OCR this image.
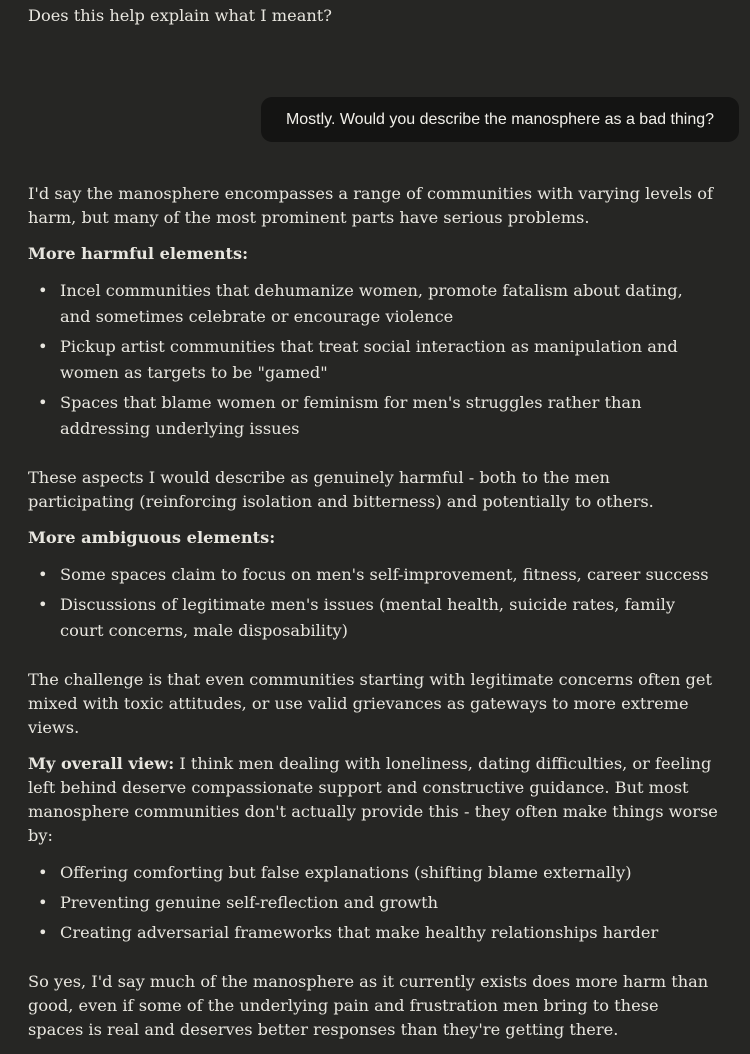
Does this help explain what I meant?

Mostly. Would you describe the manosphere as a bad thing?

I'd say the manosphere encompasses a range of communities with varying levels of harm, but many of the most prominent parts have serious problems.

More harmful elements:

• Incel communities that dehumanize women, promote fatalism about dating, and sometimes celebrate or encourage violence
• Pickup artist communities that treat social interaction as manipulation and women as targets to be "gamed"
• Spaces that blame women or feminism for men's struggles rather than addressing underlying issues

These aspects I would describe as genuinely harmful - both to the men participating (reinforcing isolation and bitterness) and potentially to others.

More ambiguous elements:

• Some spaces claim to focus on men's self-improvement, fitness, career success
• Discussions of legitimate men's issues (mental health, suicide rates, family court concerns, male disposability)

The challenge is that even communities starting with legitimate concerns often get mixed with toxic attitudes, or use valid grievances as gateways to more extreme views.

My overall view: I think men dealing with loneliness, dating difficulties, or feeling left behind deserve compassionate support and constructive guidance. But most manosphere communities don't actually provide this - they often make things worse by:

• Offering comforting but false explanations (shifting blame externally)
• Preventing genuine self-reflection and growth
• Creating adversarial frameworks that make healthy relationships harder

So yes, I'd say much of the manosphere as it currently exists does more harm than good, even if some of the underlying pain and frustration men bring to these spaces is real and deserves better responses than they're getting there.
